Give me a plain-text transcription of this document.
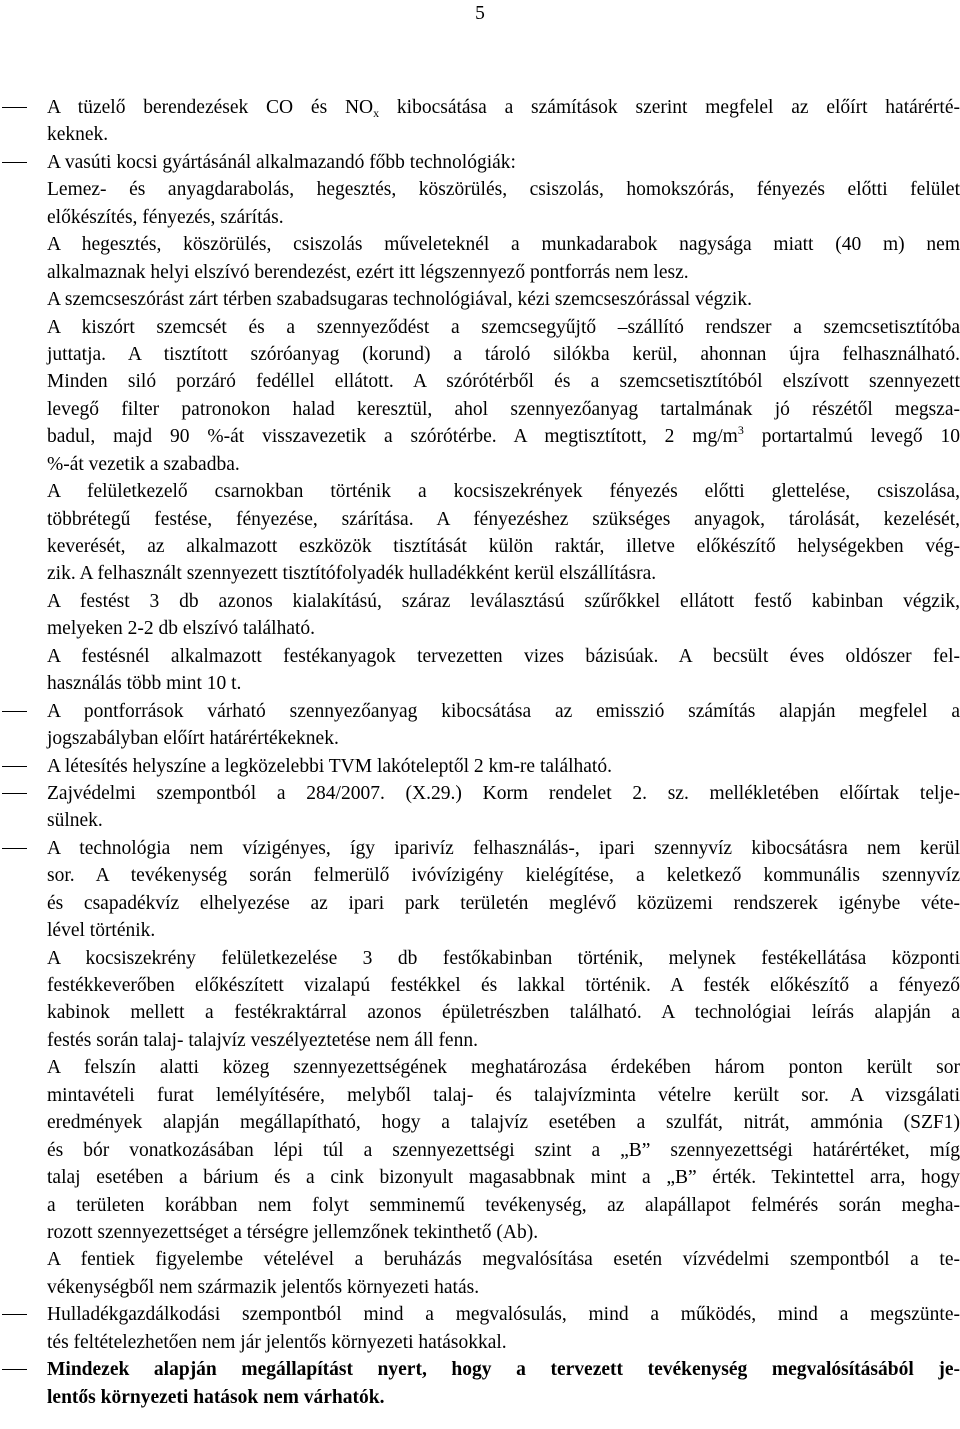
5
A tüzelő berendezések CO és $NO_x$ kibocsátása a számítások szerint megfelel az előírt határérté-
keknek.
A vasúti kocsi gyártásánál alkalmazandó főbb technológiák:
Lemez- és anyagdarabolás, hegesztés, köszörülés, csiszolás, homokszórás, fényezés előtti felület
előkészítés, fényezés, szárítás.
A hegesztés, köszörülés, csiszolás műveleteknél a munkadarabok nagysága miatt (40 m) nem
alkalmaznak helyi elszívó berendezést, ezért itt légszennyező pontforrás nem lesz.
A szemcseszórást zárt térben szabadsugaras technológiával, kézi szemcseszórással végzik.
A kiszórt szemcsét és a szennyeződést a szemcsegyűjtő –szállító rendszer a szemcsetisztítóba
juttatja. A tisztított szóróanyag (korund) a tároló silókba kerül, ahonnan újra felhasználható.
Minden siló porzáró fedéllel ellátott. A szórótérből és a szemcsetisztítóból elszívott szennyezett
levegő filter patronokon halad keresztül, ahol szennyezőanyag tartalmának jó részétől megsza-
badul, majd 90 %-át visszavezetik a szórótérbe. A megtisztított, 2 $mg/m^3$ portartalmú levegő 10
%-át vezetik a szabadba.
A felületkezelő csarnokban történik a kocsiszekrények fényezés előtti glettelése, csiszolása,
többrétegű festése, fényezése, szárítása. A fényezéshez szükséges anyagok, tárolását, kezelését,
keverését, az alkalmazott eszközök tisztítását külön raktár, illetve előkészítő helységekben vég-
zik. A felhasznált szennyezett tisztítófolyadék hulladékként kerül elszállításra.
A festést 3 db azonos kialakítású, száraz leválasztású szűrőkkel ellátott festő kabinban végzik,
melyeken 2-2 db elszívó található.
A festésnél alkalmazott festékanyagok tervezetten vizes bázisúak. A becsült éves oldószer fel-
használás több mint 10 t.
A pontforrások várható szennyezőanyag kibocsátása az emisszió számítás alapján megfelel a
jogszabályban előírt határértékeknek.
A létesítés helyszíne a legközelebbi TVM lakóteleptől 2 km-re található.
Zajvédelmi szempontból a 284/2007. (X.29.) Korm rendelet 2. sz. mellékletében előírtak telje-
sülnek.
A technológia nem vízigényes, így iparivíz felhasználás-, ipari szennyvíz kibocsátásra nem kerül
sor. A tevékenység során felmerülő ivóvízigény kielégítése, a keletkező kommunális szennyvíz
és csapadékvíz elhelyezése az ipari park területén meglévő közüzemi rendszerek igénybe véte-
lével történik.
A kocsiszekrény felületkezelése 3 db festőkabinban történik, melynek festékellátása központi
festékkeverőben előkészített vizalapú festékkel és lakkal történik. A festék előkészítő a fényező
kabinok mellett a festékraktárral azonos épületrészben található. A technológiai leírás alapján a
festés során talaj- talajvíz veszélyeztetése nem áll fenn.
A felszín alatti közeg szennyezettségének meghatározása érdekében három ponton került sor
mintavételi furat lemélyítésére, melyből talaj- és talajvízminta vételre került sor. A vizsgálati
eredmények alapján megállapítható, hogy a talajvíz esetében a szulfát, nitrát, ammónia (SZF1)
és bór vonatkozásában lépi túl a szennyezettségi szint a „B” szennyezettségi határértéket, míg
talaj esetében a bárium és a cink bizonyult magasabbnak mint a „B” érték. Tekintettel arra, hogy
a területen korábban nem folyt semminemű tevékenység, az alapállapot felmérés során megha-
rozott szennyezettséget a térségre jellemzőnek tekinthető (Ab).
A fentiek figyelembe vételével a beruházás megvalósítása esetén vízvédelmi szempontból a te-
vékenységből nem származik jelentős környezeti hatás.
Hulladékgazdálkodási szempontból mind a megvalósulás, mind a működés, mind a megszünte-
tés feltételezhetően nem jár jelentős környezeti hatásokkal.
Mindezek alapján megállapítást nyert, hogy a tervezett tevékenység megvalósításából je-
lentős környezeti hatások nem várhatók.
